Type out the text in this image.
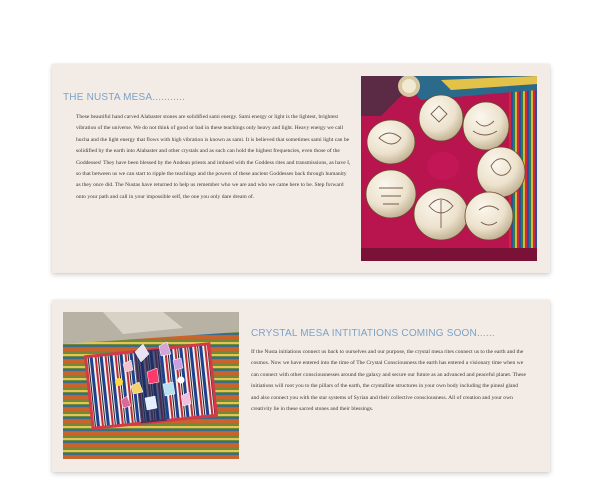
THE NUSTA MESA...........

These beautiful hand carved Alabaster stones are solidified sami energy. Sami energy or light is the lightest, brightest vibration of the universe. We do not think of good or bad in these teachings only heavy and light. Heavy energy we call hucha and the light energy that flows with high vibration is known as sami. It is believed that sometimes sami light can be solidified by the earth into Alabaster and other crystals and as such can hold the highest frequencies, even those of the Goddesses! They have been blessed by the Andean priests and imbued with the Goddess rites and transmissions, as have I, so that between us we can start to ripple the teachings and the powers of these ancient Goddesses back through humanity as they once did. The Nustas have returned to help us remember who we are and who we came here to be. Step forward onto your path and call in your impossible self, the one you only dare dream of.

CRYSTAL MESA INTITIATIONS COMING SOON......

If the Nusta initiations connect us back to ourselves and our purpose, the crystal mesa rites connect us to the earth and the cosmos. Now we have entered into the time of The Crystal Consciousness the earth has entered a visionary time when we can connect with other consciousnesses around the galaxy and secure our future as an advanced and peaceful planet. These initiations will root you to the pillars of the earth, the crystalline structures in your own body including the pineal gland and also connect you with the star systems of Syrian and their collective consciousness. All of creation and your own creativity lie in these sacred stones and their blessings.
